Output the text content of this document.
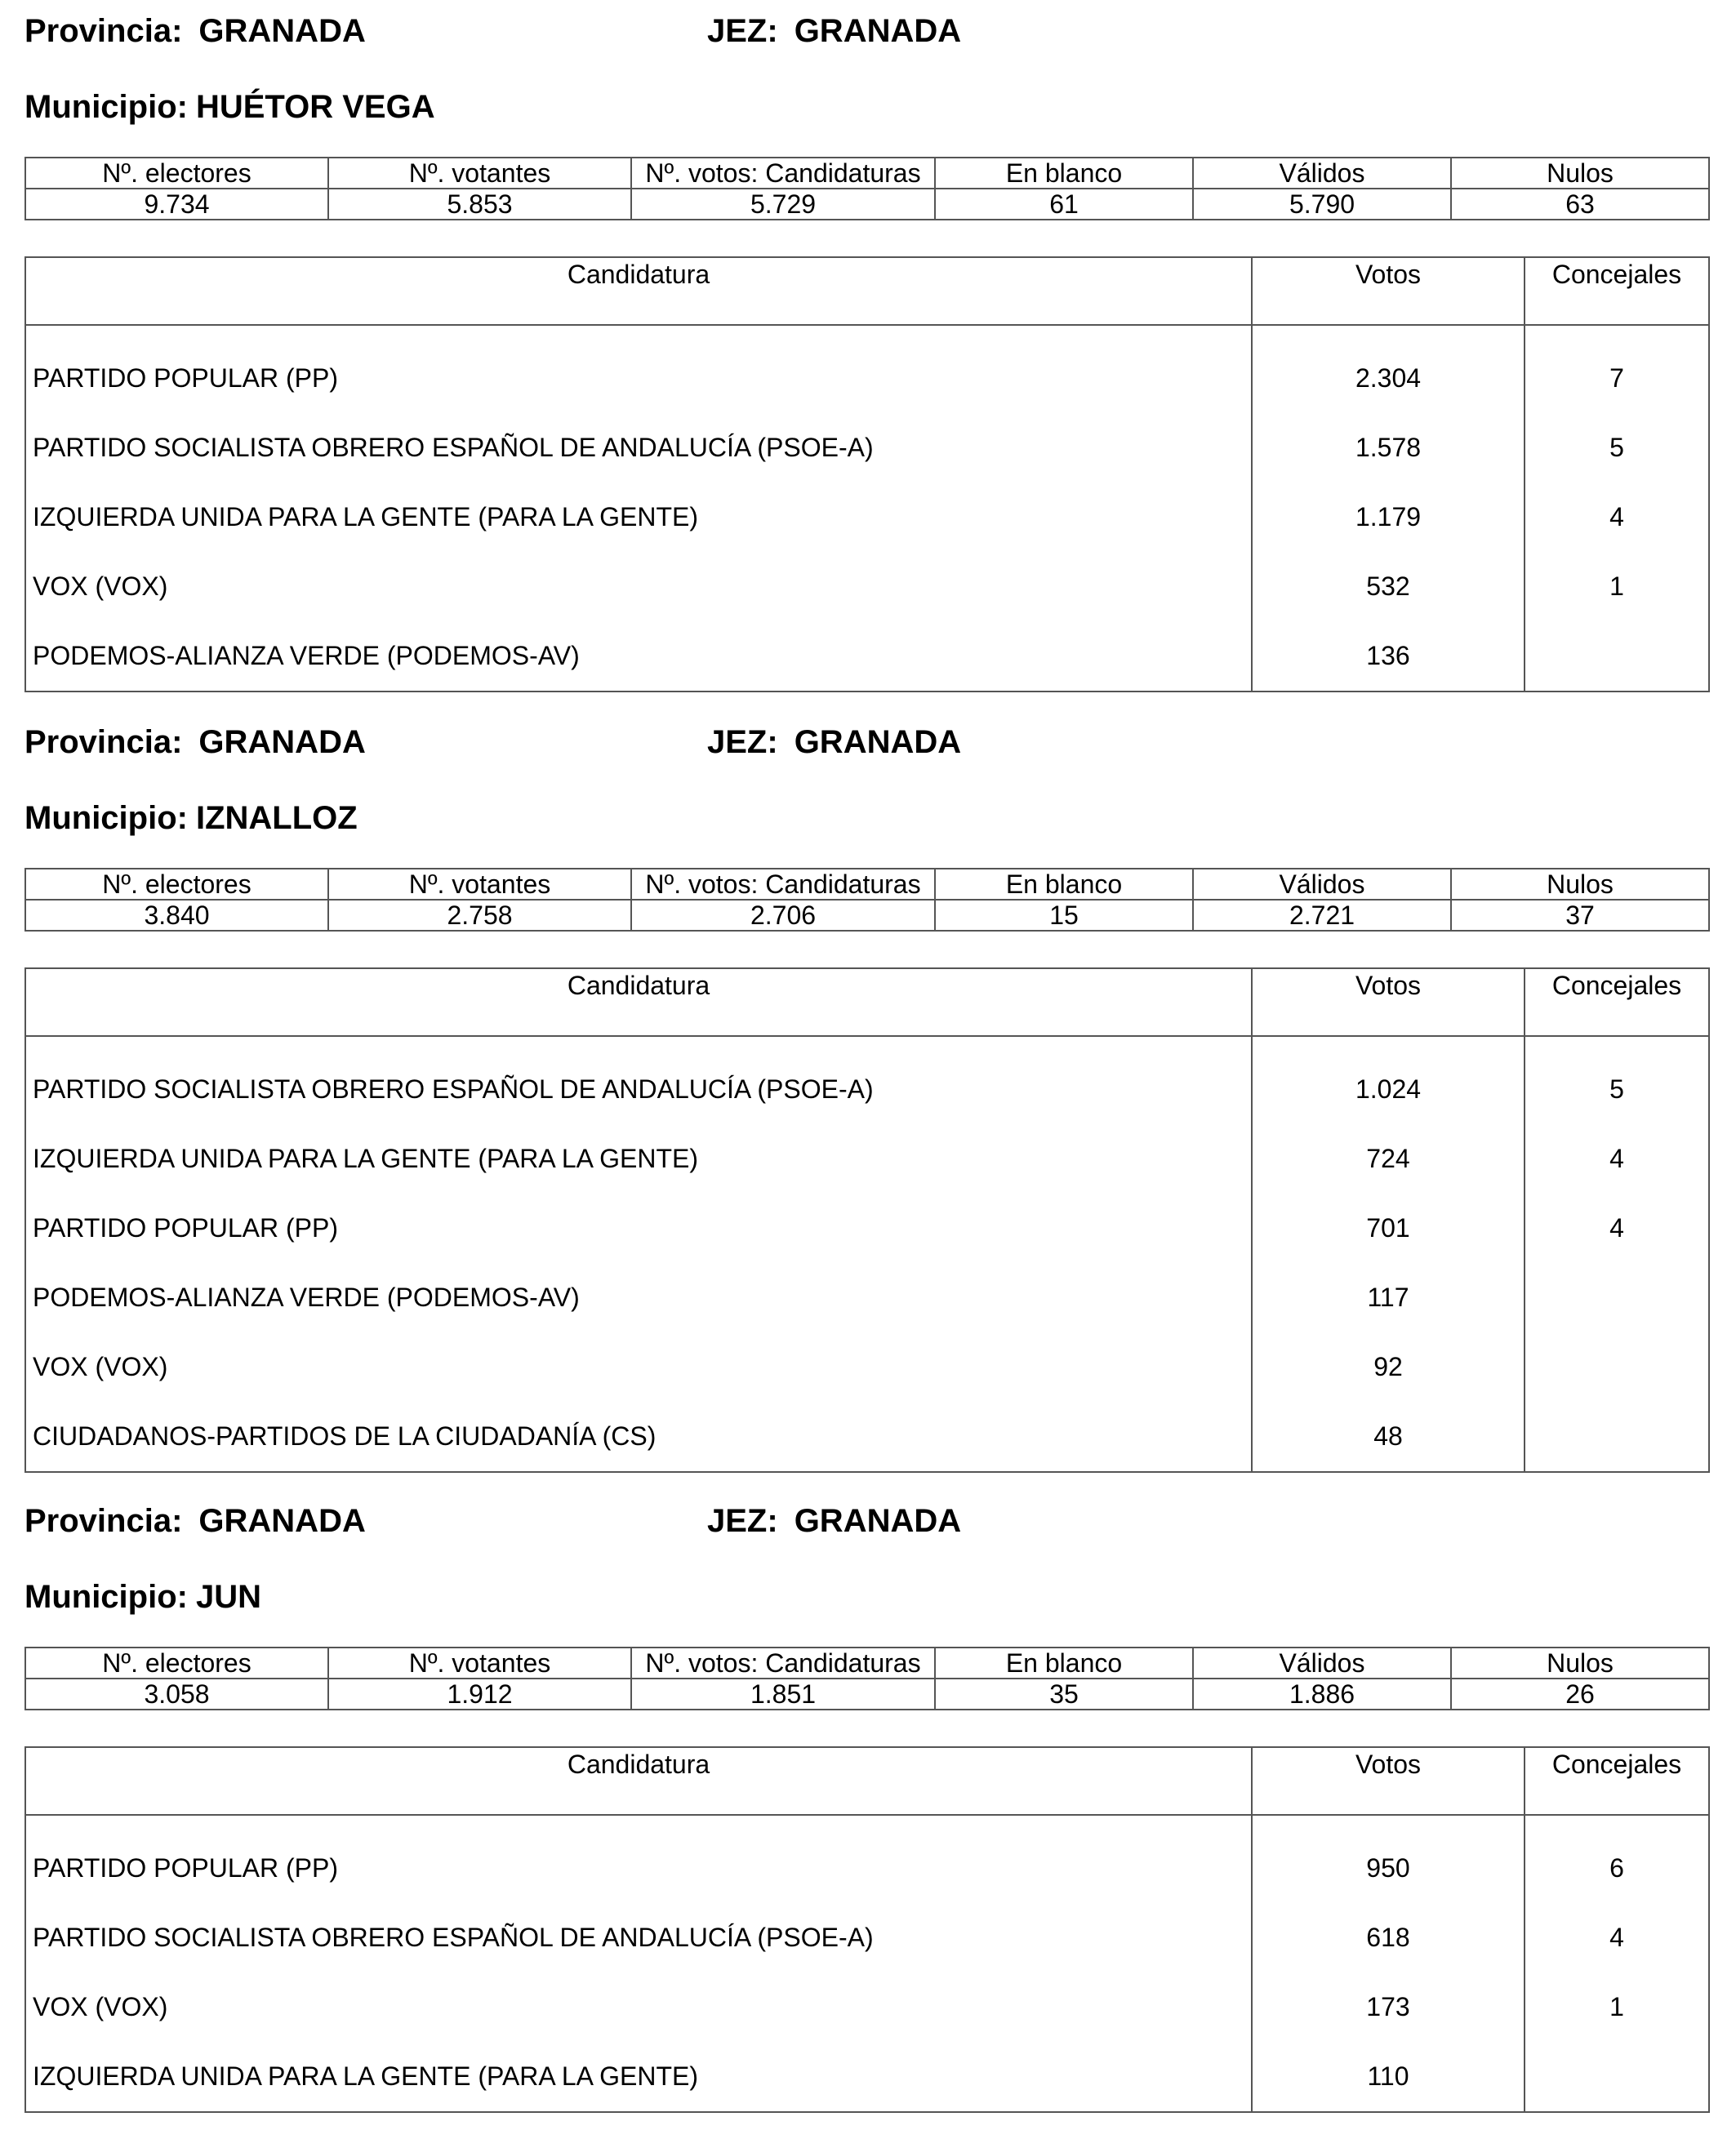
Provincia: GRANADA	JEZ: GRANADA
Municipio: HUÉTOR VEGA
Nº. electores	Nº. votantes	Nº. votos: Candidaturas	En blanco	Válidos	Nulos
9.734	5.853	5.729	61	5.790	63
Candidatura	Votos	Concejales
PARTIDO POPULAR (PP)	2.304	7
PARTIDO SOCIALISTA OBRERO ESPAÑOL DE ANDALUCÍA (PSOE-A)	1.578	5
IZQUIERDA UNIDA PARA LA GENTE (PARA LA GENTE)	1.179	4
VOX (VOX)	532	1
PODEMOS-ALIANZA VERDE (PODEMOS-AV)	136	
Provincia: GRANADA	JEZ: GRANADA
Municipio: IZNALLOZ
Nº. electores	Nº. votantes	Nº. votos: Candidaturas	En blanco	Válidos	Nulos
3.840	2.758	2.706	15	2.721	37
Candidatura	Votos	Concejales
PARTIDO SOCIALISTA OBRERO ESPAÑOL DE ANDALUCÍA (PSOE-A)	1.024	5
IZQUIERDA UNIDA PARA LA GENTE (PARA LA GENTE)	724	4
PARTIDO POPULAR (PP)	701	4
PODEMOS-ALIANZA VERDE (PODEMOS-AV)	117	
VOX (VOX)	92	
CIUDADANOS-PARTIDOS DE LA CIUDADANÍA (CS)	48	
Provincia: GRANADA	JEZ: GRANADA
Municipio: JUN
Nº. electores	Nº. votantes	Nº. votos: Candidaturas	En blanco	Válidos	Nulos
3.058	1.912	1.851	35	1.886	26
Candidatura	Votos	Concejales
PARTIDO POPULAR (PP)	950	6
PARTIDO SOCIALISTA OBRERO ESPAÑOL DE ANDALUCÍA (PSOE-A)	618	4
VOX (VOX)	173	1
IZQUIERDA UNIDA PARA LA GENTE (PARA LA GENTE)	110	
